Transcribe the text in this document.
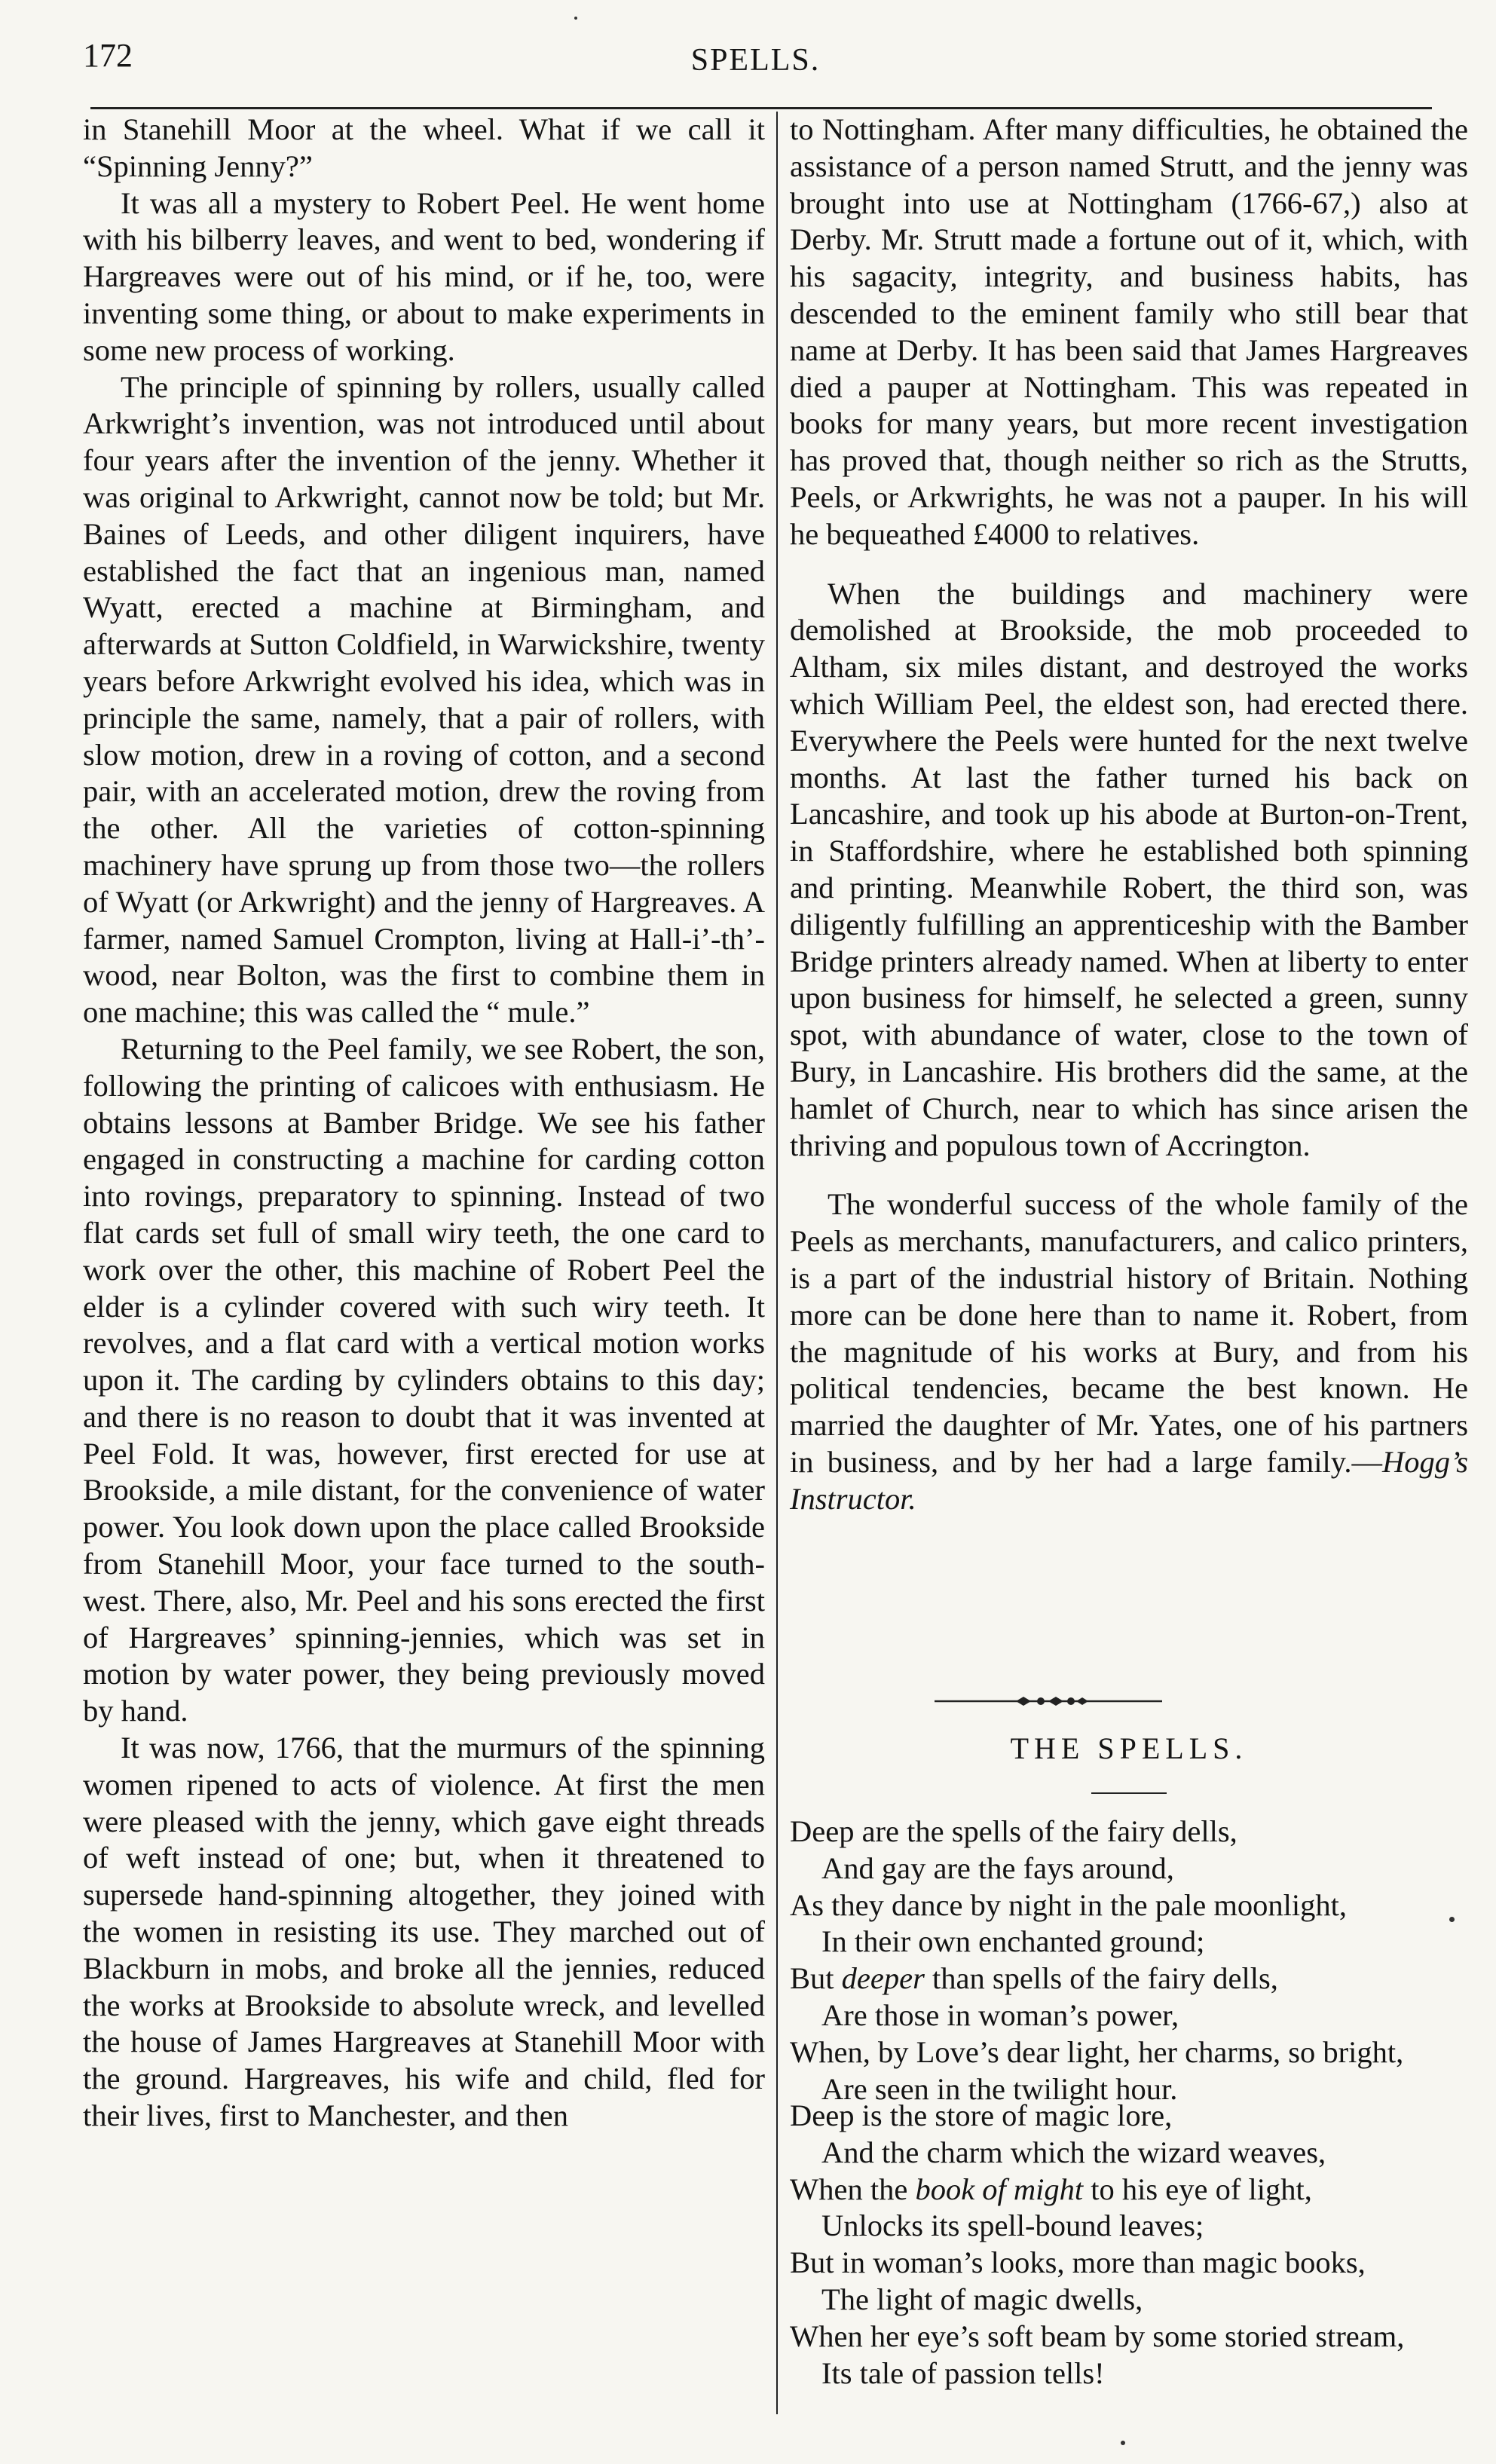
172	SPELLS.

in Stanehill Moor at the wheel. What if we call it “Spinning Jenny?”

It was all a mystery to Robert Peel. He went home with his bilberry leaves, and went to bed, wondering if Hargreaves were out of his mind, or if he, too, were inventing some thing, or about to make experiments in some new process of working.

The principle of spinning by rollers, usually called Arkwright’s invention, was not introduced until about four years after the invention of the jenny. Whether it was original to Arkwright, cannot now be told; but Mr. Baines of Leeds, and other diligent inquirers, have established the fact that an ingenious man, named Wyatt, erected a machine at Birmingham, and afterwards at Sutton Coldfield, in Warwickshire, twenty years before Arkwright evolved his idea, which was in principle the same, namely, that a pair of rollers, with slow motion, drew in a roving of cotton, and a second pair, with an accelerated motion, drew the roving from the other. All the varieties of cotton-spinning machinery have sprung up from those two—the rollers of Wyatt (or Arkwright) and the jenny of Hargreaves. A farmer, named Samuel Crompton, living at Hall-i’-th’-wood, near Bolton, was the first to combine them in one machine; this was called the “ mule.”

Returning to the Peel family, we see Robert, the son, following the printing of calicoes with enthusiasm. He obtains lessons at Bamber Bridge. We see his father engaged in constructing a machine for carding cotton into rovings, preparatory to spinning. Instead of two flat cards set full of small wiry teeth, the one card to work over the other, this machine of Robert Peel the elder is a cylinder covered with such wiry teeth. It revolves, and a flat card with a vertical motion works upon it. The carding by cylinders obtains to this day; and there is no reason to doubt that it was invented at Peel Fold. It was, however, first erected for use at Brookside, a mile distant, for the convenience of water power. You look down upon the place called Brookside from Stanehill Moor, your face turned to the south-west. There, also, Mr. Peel and his sons erected the first of Hargreaves’ spinning-jennies, which was set in motion by water power, they being previously moved by hand.

It was now, 1766, that the murmurs of the spinning women ripened to acts of violence. At first the men were pleased with the jenny, which gave eight threads of weft instead of one; but, when it threatened to supersede hand-spinning altogether, they joined with the women in resisting its use. They marched out of Blackburn in mobs, and broke all the jennies, reduced the works at Brookside to absolute wreck, and levelled the house of James Hargreaves at Stanehill Moor with the ground. Hargreaves, his wife and child, fled for their lives, first to Manchester, and then

to Nottingham. After many difficulties, he obtained the assistance of a person named Strutt, and the jenny was brought into use at Nottingham (1766-67,) also at Derby. Mr. Strutt made a fortune out of it, which, with his sagacity, integrity, and business habits, has descended to the eminent family who still bear that name at Derby. It has been said that James Hargreaves died a pauper at Nottingham. This was repeated in books for many years, but more recent investigation has proved that, though neither so rich as the Strutts, Peels, or Arkwrights, he was not a pauper. In his will he bequeathed £4000 to relatives.

When the buildings and machinery were demolished at Brookside, the mob proceeded to Altham, six miles distant, and destroyed the works which William Peel, the eldest son, had erected there. Everywhere the Peels were hunted for the next twelve months. At last the father turned his back on Lancashire, and took up his abode at Burton-on-Trent, in Staffordshire, where he established both spinning and printing. Meanwhile Robert, the third son, was diligently fulfilling an apprenticeship with the Bamber Bridge printers already named. When at liberty to enter upon business for himself, he selected a green, sunny spot, with abundance of water, close to the town of Bury, in Lancashire. His brothers did the same, at the hamlet of Church, near to which has since arisen the thriving and populous town of Accrington.

The wonderful success of the whole family of the Peels as merchants, manufacturers, and calico printers, is a part of the industrial history of Britain. Nothing more can be done here than to name it. Robert, from the magnitude of his works at Bury, and from his political tendencies, became the best known. He married the daughter of Mr. Yates, one of his partners in business, and by her had a large family.—Hogg’s Instructor.

THE SPELLS.
Deep are the spells of the fairy dells,
And gay are the fays around,
As they dance by night in the pale moonlight,
In their own enchanted ground;
But deeper than spells of the fairy dells,
Are those in woman’s power,
When, by Love’s dear light, her charms, so bright,
Are seen in the twilight hour.
Deep is the store of magic lore,
And the charm which the wizard weaves,
When the book of might to his eye of light,
Unlocks its spell-bound leaves;
But in woman’s looks, more than magic books,
The light of magic dwells,
When her eye’s soft beam by some storied stream,
Its tale of passion tells!
